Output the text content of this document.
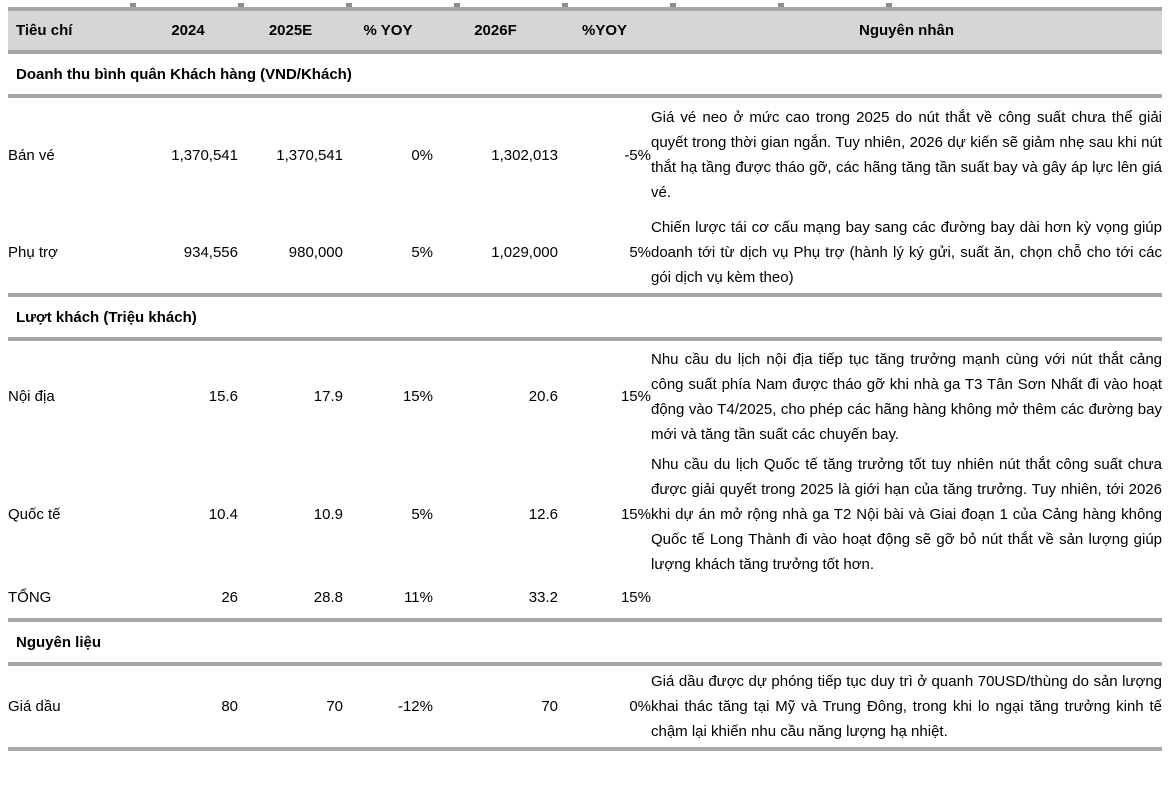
Tiêu chí	2024	2025E	% YOY	2026F	%YOY	Nguyên nhân
Doanh thu bình quân Khách hàng (VND/Khách)						
Bán vé	1,370,541	1,370,541	0%	1,302,013	-5%	Giá vé neo ở mức cao trong 2025 do nút thắt về công suất chưa thể giải quyết trong thời gian ngắn. Tuy nhiên, 2026 dự kiến sẽ giảm nhẹ sau khi nút thắt hạ tầng được tháo gỡ, các hãng tăng tần suất bay và gây áp lực lên giá vé.
Phụ trợ	934,556	980,000	5%	1,029,000	5%	Chiến lược tái cơ cấu mạng bay sang các đường bay dài hơn kỳ vọng giúp doanh tới từ dịch vụ Phụ trợ (hành lý ký gửi, suất ăn, chọn chỗ cho tới các gói dịch vụ kèm theo)
Lượt khách (Triệu khách)						
Nội địa	15.6	17.9	15%	20.6	15%	Nhu cầu du lịch nội địa tiếp tục tăng trưởng mạnh cùng với nút thắt cảng công suất phía Nam được tháo gỡ khi nhà ga T3 Tân Sơn Nhất đi vào hoạt động vào T4/2025, cho phép các hãng hàng không mở thêm các đường bay mới và tăng tần suất các chuyến bay.
Quốc tế	10.4	10.9	5%	12.6	15%	Nhu cầu du lịch Quốc tế tăng trưởng tốt tuy nhiên nút thắt công suất chưa được giải quyết trong 2025 là giới hạn của tăng trưởng. Tuy nhiên, tới 2026 khi dự án mở rộng nhà ga T2 Nội bài và Giai đoạn 1 của Cảng hàng không Quốc tế Long Thành đi vào hoạt động sẽ gỡ bỏ nút thắt về sản lượng giúp lượng khách tăng trưởng tốt hơn.
TỔNG	26	28.8	11%	33.2	15%	
Nguyên liệu						
Giá dầu	80	70	-12%	70	0%	Giá dầu được dự phóng tiếp tục duy trì ở quanh 70USD/thùng do sản lượng khai thác tăng tại Mỹ và Trung Đông, trong khi lo ngại tăng trưởng kinh tế chậm lại khiến nhu cầu năng lượng hạ nhiệt.
